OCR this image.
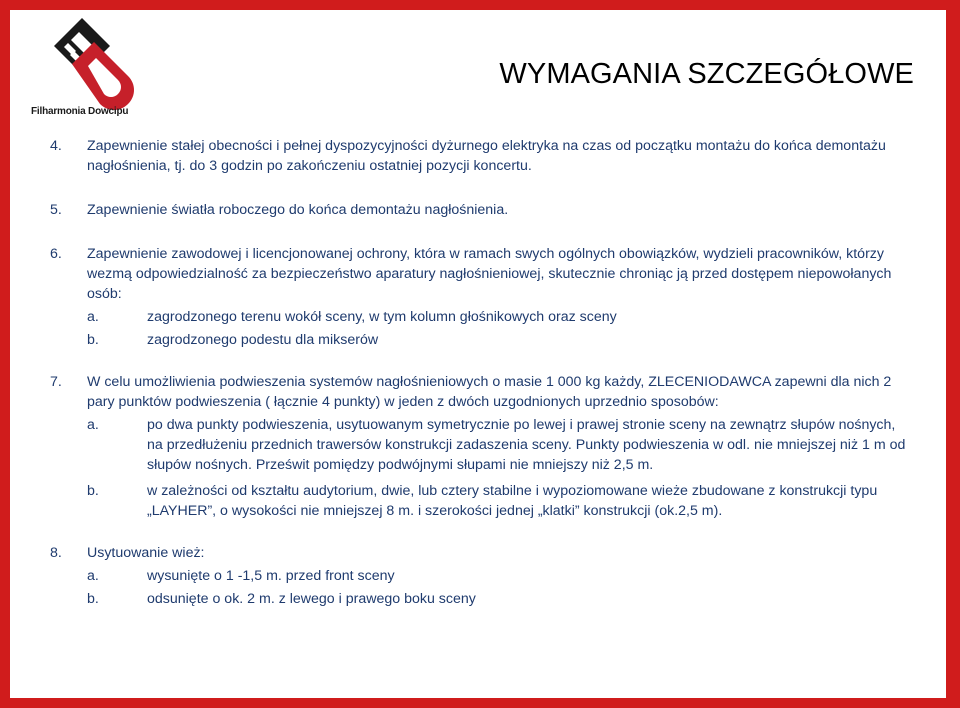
Filharmonia Dowcipu
WYMAGANIA SZCZEGÓŁOWE
4. Zapewnienie stałej obecności i pełnej dyspozycyjności dyżurnego elektryka na czas od początku montażu do końca demontażu nagłośnienia, tj. do 3 godzin po zakończeniu ostatniej pozycji koncertu.
5. Zapewnienie światła roboczego do końca demontażu nagłośnienia.
6. Zapewnienie zawodowej i licencjonowanej ochrony, która w ramach swych ogólnych obowiązków, wydzieli pracowników, którzy wezmą odpowiedzialność za bezpieczeństwo aparatury nagłośnieniowej, skutecznie chroniąc ją przed dostępem niepowołanych osób:
a.	zagrodzonego terenu wokół sceny, w tym kolumn głośnikowych oraz sceny
b.	zagrodzonego podestu dla mikserów
7. W celu umożliwienia podwieszenia systemów nagłośnieniowych o masie 1 000 kg każdy, ZLECENIODAWCA zapewni dla nich 2 pary punktów podwieszenia ( łącznie 4 punkty) w jeden z dwóch uzgodnionych uprzednio sposobów:
a.	po dwa punkty podwieszenia, usytuowanym symetrycznie po lewej i prawej stronie sceny na zewnątrz słupów nośnych, na przedłużeniu przednich trawersów konstrukcji zadaszenia sceny. Punkty podwieszenia w odl. nie mniejszej niż 1 m od słupów nośnych. Prześwit pomiędzy podwójnymi słupami nie mniejszy niż 2,5 m.
b.	w zależności od kształtu audytorium, dwie, lub cztery stabilne i wypoziomowane wieże zbudowane z konstrukcji typu „LAYHER”, o wysokości nie mniejszej 8 m. i szerokości jednej „klatki” konstrukcji (ok.2,5 m).
8. Usytuowanie wież:
a.	wysunięte o 1 -1,5 m. przed front sceny
b.	odsunięte o ok. 2 m. z lewego i prawego boku sceny
